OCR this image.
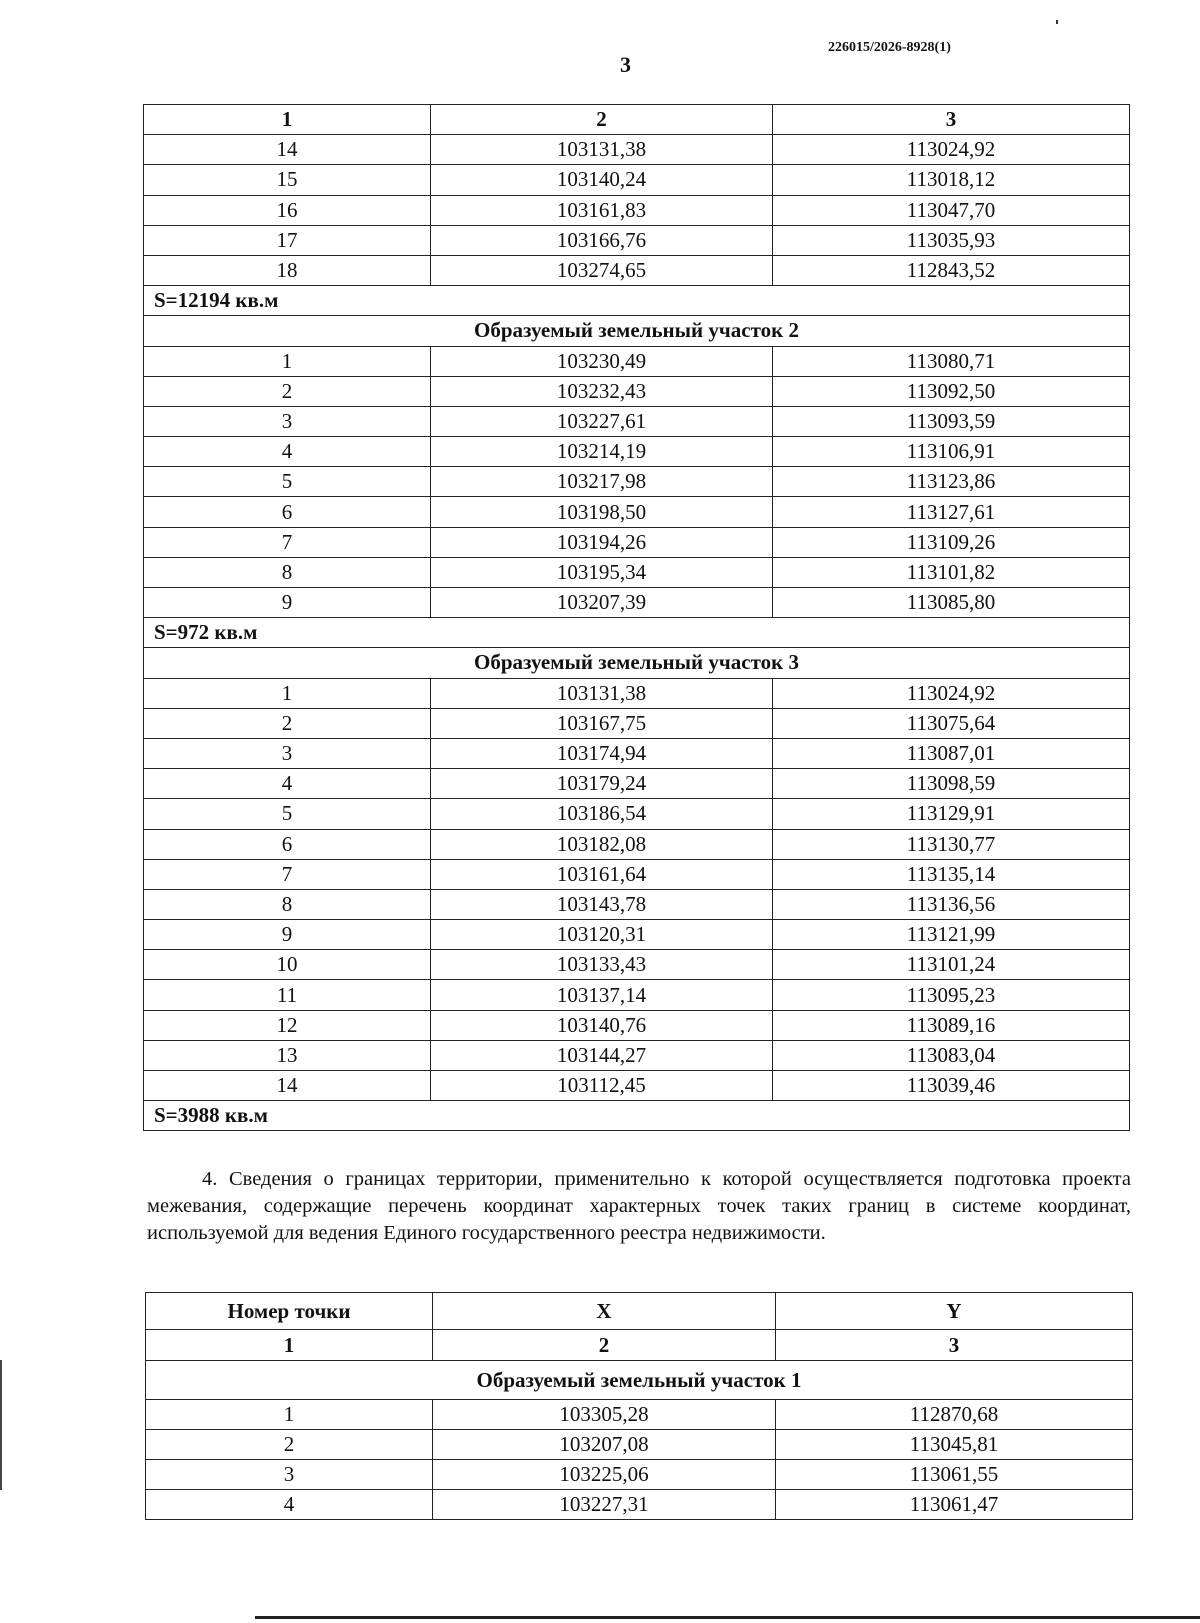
3
226015/2026-8928(1)
1	2	3
14	103131,38	113024,92
15	103140,24	113018,12
16	103161,83	113047,70
17	103166,76	113035,93
18	103274,65	112843,52
S=12194 кв.м		
Образуемый земельный участок 2		
1	103230,49	113080,71
2	103232,43	113092,50
3	103227,61	113093,59
4	103214,19	113106,91
5	103217,98	113123,86
6	103198,50	113127,61
7	103194,26	113109,26
8	103195,34	113101,82
9	103207,39	113085,80
S=972 кв.м		
Образуемый земельный участок 3		
1	103131,38	113024,92
2	103167,75	113075,64
3	103174,94	113087,01
4	103179,24	113098,59
5	103186,54	113129,91
6	103182,08	113130,77
7	103161,64	113135,14
8	103143,78	113136,56
9	103120,31	113121,99
10	103133,43	113101,24
11	103137,14	113095,23
12	103140,76	113089,16
13	103144,27	113083,04
14	103112,45	113039,46
S=3988 кв.м		

4. Сведения о границах территории, применительно к которой осуществляется подготовка проекта межевания, содержащие перечень координат характерных точек таких границ в системе координат, используемой для ведения Единого государственного реестра недвижимости.

Номер точки	X	Y
1	2	3
Образуемый земельный участок 1		
1	103305,28	112870,68
2	103207,08	113045,81
3	103225,06	113061,55
4	103227,31	113061,47
